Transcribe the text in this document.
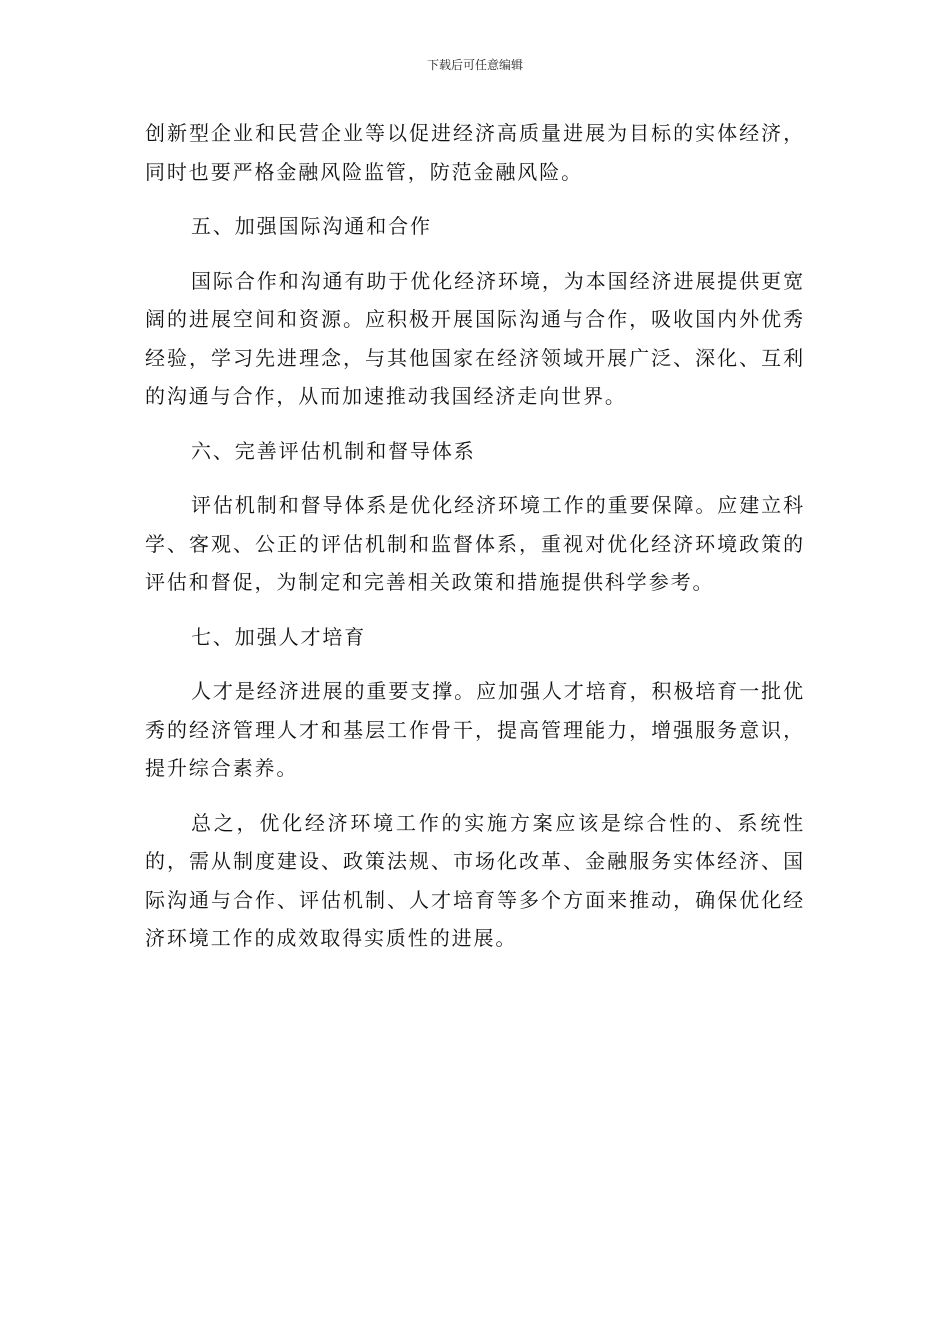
下载后可任意编辑

创新型企业和民营企业等以促进经济高质量进展为目标的实体经济，同时也要严格金融风险监管，防范金融风险。

五、加强国际沟通和合作

国际合作和沟通有助于优化经济环境，为本国经济进展提供更宽阔的进展空间和资源。应积极开展国际沟通与合作，吸收国内外优秀经验，学习先进理念，与其他国家在经济领域开展广泛、深化、互利的沟通与合作，从而加速推动我国经济走向世界。

六、完善评估机制和督导体系

评估机制和督导体系是优化经济环境工作的重要保障。应建立科学、客观、公正的评估机制和监督体系，重视对优化经济环境政策的评估和督促，为制定和完善相关政策和措施提供科学参考。

七、加强人才培育

人才是经济进展的重要支撑。应加强人才培育，积极培育一批优秀的经济管理人才和基层工作骨干，提高管理能力，增强服务意识，提升综合素养。

总之，优化经济环境工作的实施方案应该是综合性的、系统性的，需从制度建设、政策法规、市场化改革、金融服务实体经济、国际沟通与合作、评估机制、人才培育等多个方面来推动，确保优化经济环境工作的成效取得实质性的进展。
